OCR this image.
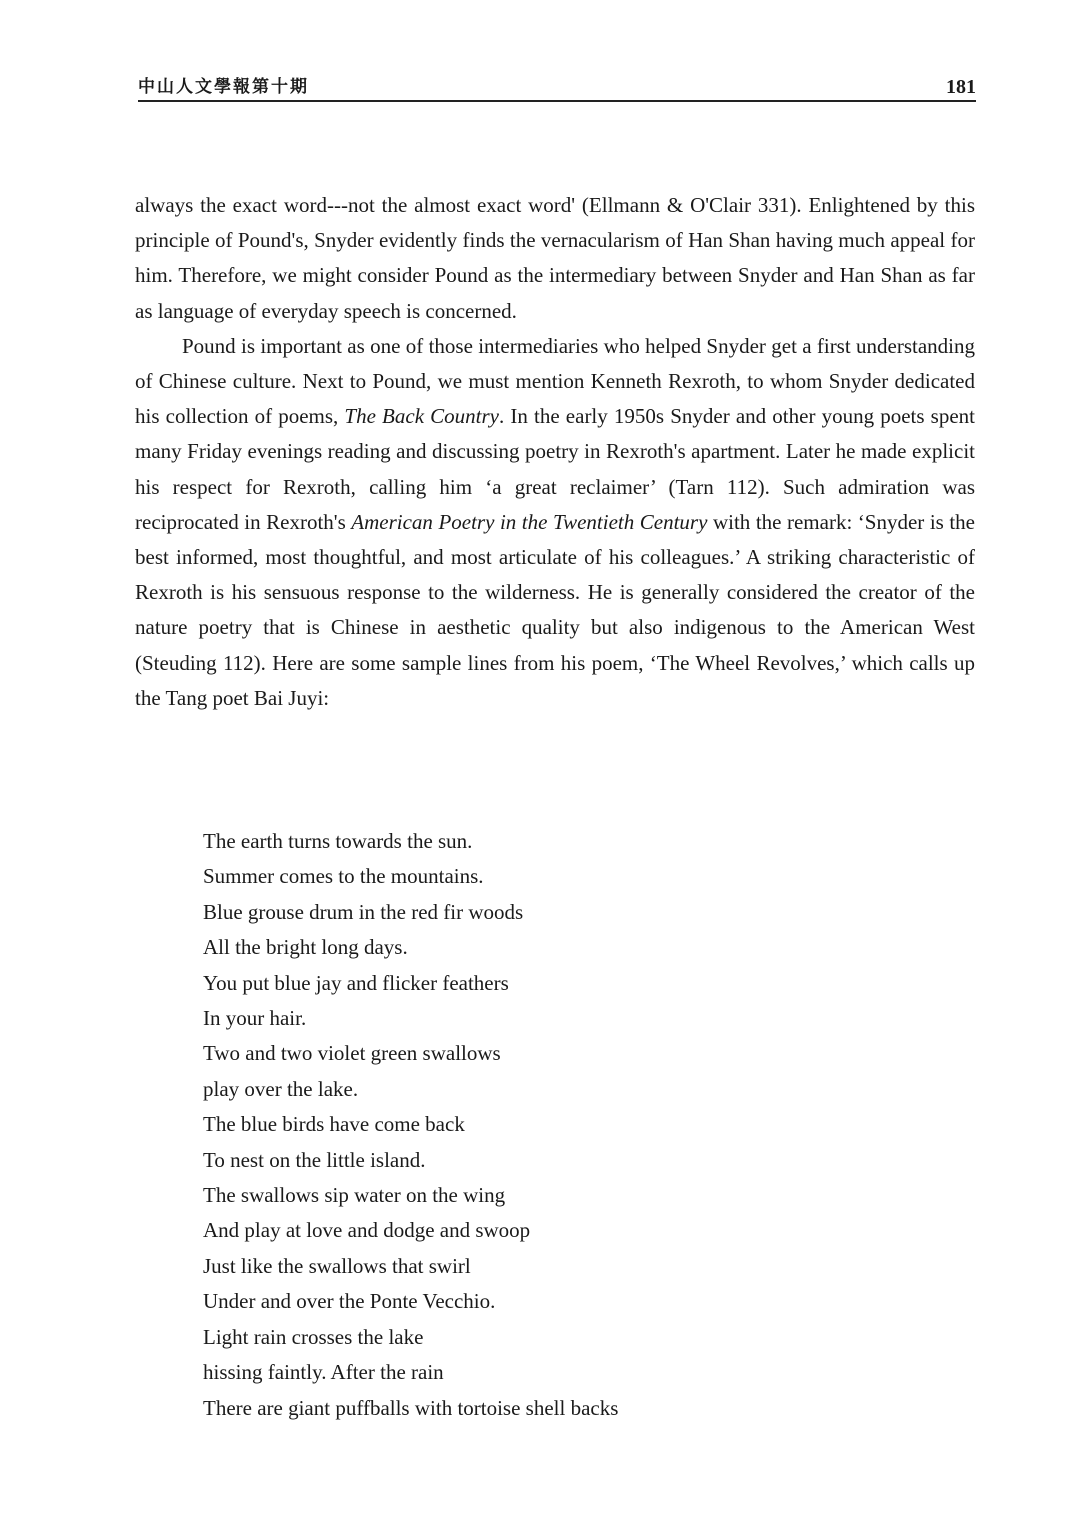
中山人文學報第十期	181

always the exact word---not the almost exact word' (Ellmann & O'Clair 331). Enlightened by this principle of Pound's, Snyder evidently finds the vernacularism of Han Shan having much appeal for him. Therefore, we might consider Pound as the intermediary between Snyder and Han Shan as far as language of everyday speech is concerned.

Pound is important as one of those intermediaries who helped Snyder get a first understanding of Chinese culture. Next to Pound, we must mention Kenneth Rexroth, to whom Snyder dedicated his collection of poems, The Back Country. In the early 1950s Snyder and other young poets spent many Friday evenings reading and discussing poetry in Rexroth's apartment. Later he made explicit his respect for Rexroth, calling him ‘a great reclaimer’ (Tarn 112). Such admiration was reciprocated in Rexroth's American Poetry in the Twentieth Century with the remark: ‘Snyder is the best informed, most thoughtful, and most articulate of his colleagues.’ A striking characteristic of Rexroth is his sensuous response to the wilderness. He is generally considered the creator of the nature poetry that is Chinese in aesthetic quality but also indigenous to the American West (Steuding 112). Here are some sample lines from his poem, ‘The Wheel Revolves,’ which calls up the Tang poet Bai Juyi:

The earth turns towards the sun.
Summer comes to the mountains.
Blue grouse drum in the red fir woods
All the bright long days.
You put blue jay and flicker feathers
In your hair.
Two and two violet green swallows
play over the lake.
The blue birds have come back
To nest on the little island.
The swallows sip water on the wing
And play at love and dodge and swoop
Just like the swallows that swirl
Under and over the Ponte Vecchio.
Light rain crosses the lake
hissing faintly. After the rain
There are giant puffballs with tortoise shell backs
